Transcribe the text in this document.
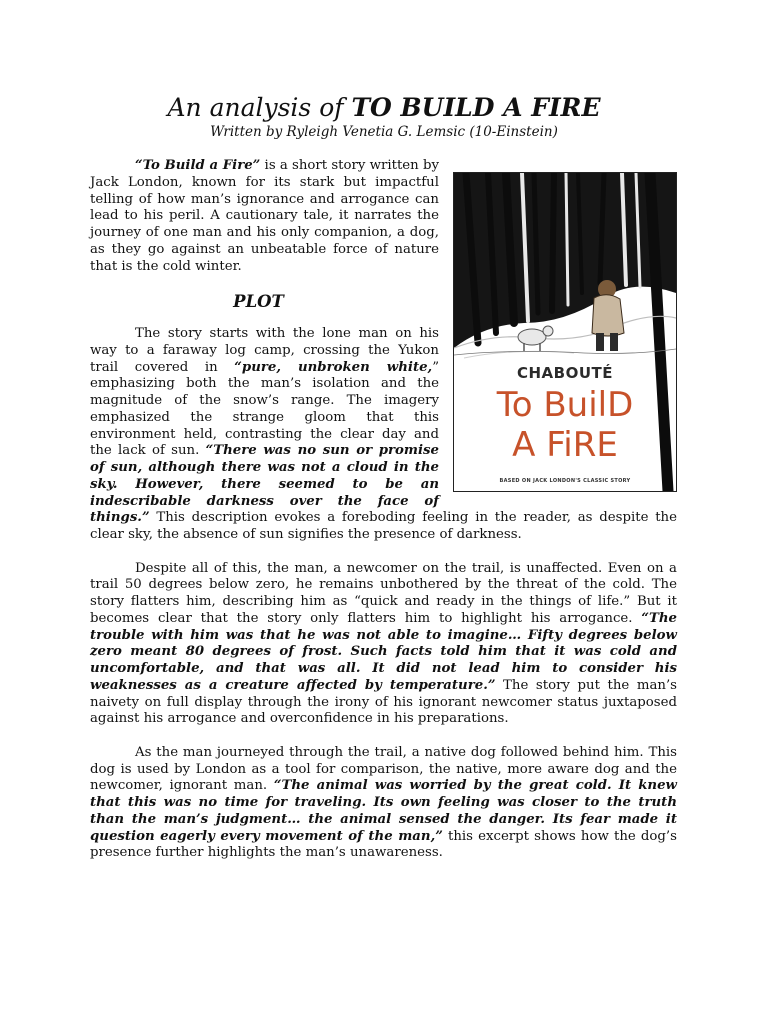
An analysis of TO BUILD A FIRE
Written by Ryleigh Venetia G. Lemsic (10-Einstein)
CHABOUTÉ
To BuilD
A FiRE
BASED ON JACK LONDON'S CLASSIC STORY

“To Build a Fire” is a short story written by Jack London, known for its stark but impactful telling of how man’s ignorance and arrogance can lead to his peril. A cautionary tale, it narrates the journey of one man and his only companion, a dog, as they go against an unbeatable force of nature that is the cold winter.

PLOT

The story starts with the lone man on his way to a faraway log camp, crossing the Yukon trail covered in “pure, unbroken white,” emphasizing both the man’s isolation and the magnitude of the snow’s range. The imagery emphasized the strange gloom that this environment held, contrasting the clear day and the lack of sun. “There was no sun or promise of sun, although there was not a cloud in the sky. However, there seemed to be an indescribable darkness over the face of things.” This description evokes a foreboding feeling in the reader, as despite the clear sky, the absence of sun signifies the presence of darkness.

Despite all of this, the man, a newcomer on the trail, is unaffected. Even on a trail 50 degrees below zero, he remains unbothered by the threat of the cold. The story flatters him, describing him as “quick and ready in the things of life.” But it becomes clear that the story only flatters him to highlight his arrogance. “The trouble with him was that he was not able to imagine… Fifty degrees below zero meant 80 degrees of frost. Such facts told him that it was cold and uncomfortable, and that was all. It did not lead him to consider his weaknesses as a creature affected by temperature.” The story put the man’s naivety on full display through the irony of his ignorant newcomer status juxtaposed against his arrogance and overconfidence in his preparations.

As the man journeyed through the trail, a native dog followed behind him. This dog is used by London as a tool for comparison, the native, more aware dog and the newcomer, ignorant man. “The animal was worried by the great cold. It knew that this was no time for traveling. Its own feeling was closer to the truth than the man’s judgment… the animal sensed the danger. Its fear made it question eagerly every movement of the man,” this excerpt shows how the dog’s presence further highlights the man’s unawareness.
